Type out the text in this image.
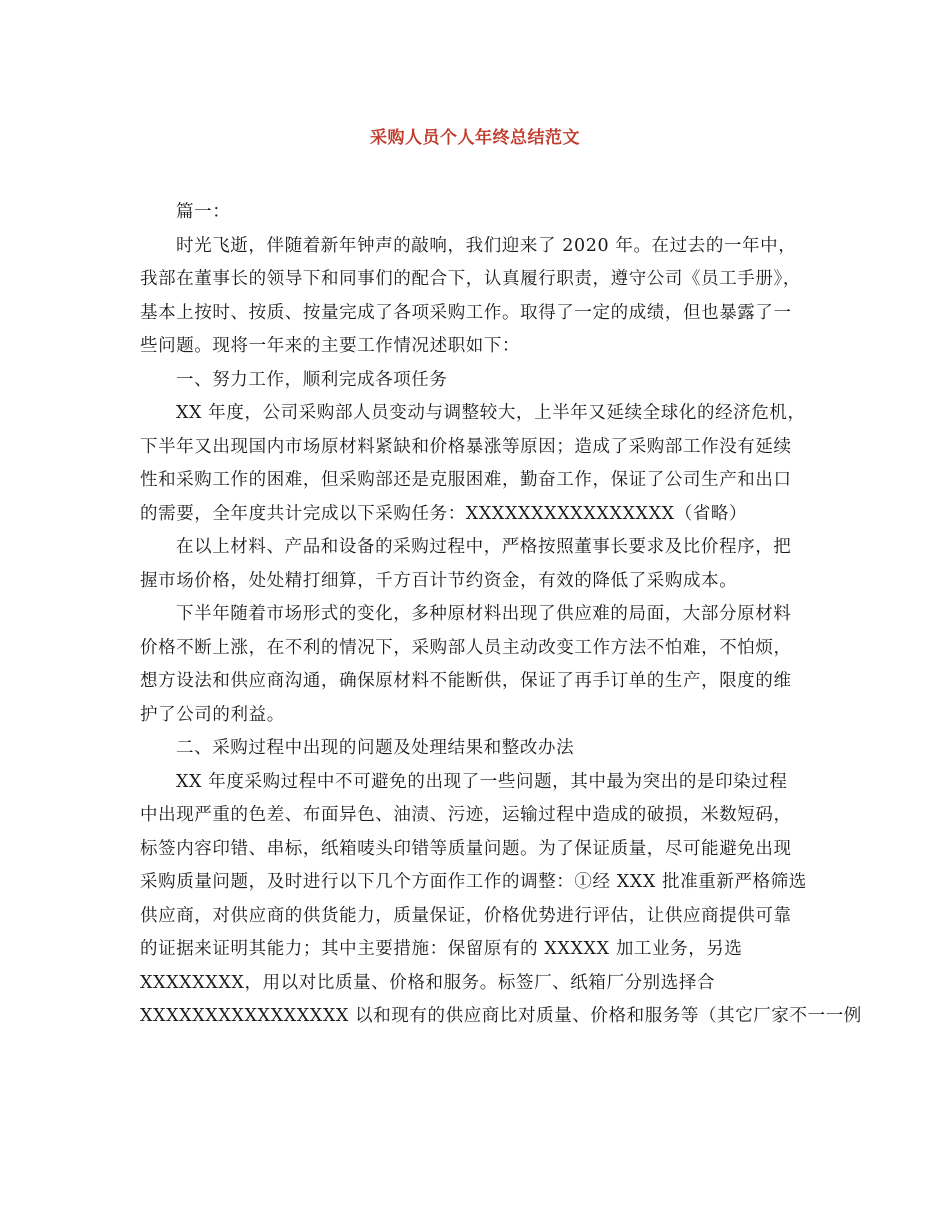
采购人员个人年终总结范文
篇一：
时光飞逝，伴随着新年钟声的敲响，我们迎来了 2020 年。在过去的一年中，
我部在董事长的领导下和同事们的配合下，认真履行职责，遵守公司《员工手册》，
基本上按时、按质、按量完成了各项采购工作。取得了一定的成绩，但也暴露了一
些问题。现将一年来的主要工作情况述职如下：
一、努力工作，顺利完成各项任务
XX 年度，公司采购部人员变动与调整较大，上半年又延续全球化的经济危机，
下半年又出现国内市场原材料紧缺和价格暴涨等原因；造成了采购部工作没有延续
性和采购工作的困难，但采购部还是克服困难，勤奋工作，保证了公司生产和出口
的需要，全年度共计完成以下采购任务：XXXXXXXXXXXXXXXX（省略）
在以上材料、产品和设备的采购过程中，严格按照董事长要求及比价程序，把
握市场价格，处处精打细算，千方百计节约资金，有效的降低了采购成本。
下半年随着市场形式的变化，多种原材料出现了供应难的局面，大部分原材料
价格不断上涨，在不利的情况下，采购部人员主动改变工作方法不怕难，不怕烦，
想方设法和供应商沟通，确保原材料不能断供，保证了再手订单的生产，限度的维
护了公司的利益。
二、采购过程中出现的问题及处理结果和整改办法
XX 年度采购过程中不可避免的出现了一些问题，其中最为突出的是印染过程
中出现严重的色差、布面异色、油渍、污迹，运输过程中造成的破损，米数短码，
标签内容印错、串标，纸箱唛头印错等质量问题。为了保证质量，尽可能避免出现
采购质量问题，及时进行以下几个方面作工作的调整：①经 XXX 批准重新严格筛选
供应商，对供应商的供货能力，质量保证，价格优势进行评估，让供应商提供可靠
的证据来证明其能力；其中主要措施：保留原有的 XXXXX 加工业务，另选
XXXXXXXX，用以对比质量、价格和服务。标签厂、纸箱厂分别选择合
XXXXXXXXXXXXXXXX 以和现有的供应商比对质量、价格和服务等（其它厂家不一一例
